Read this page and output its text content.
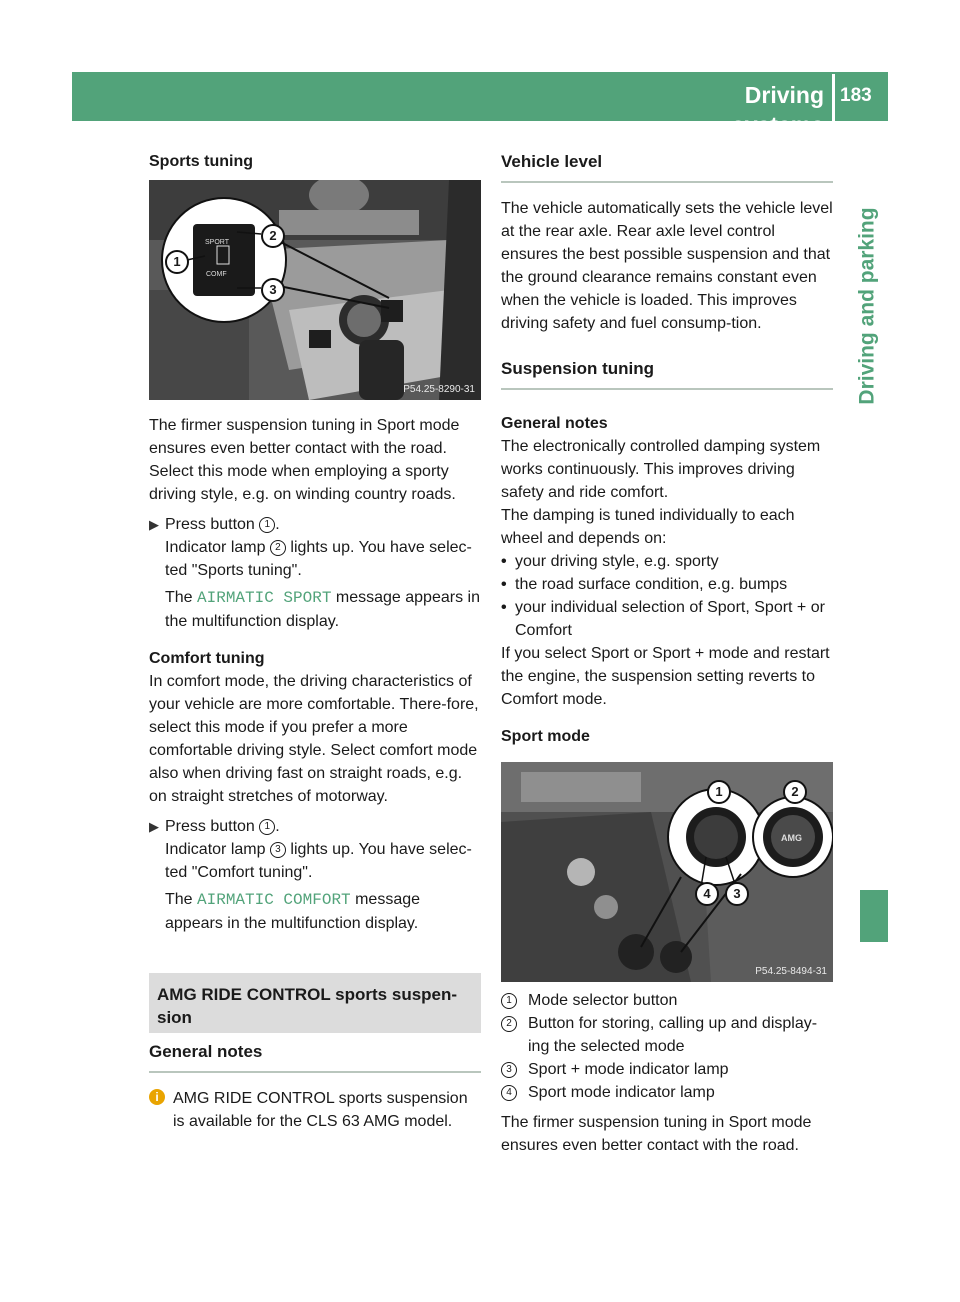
Driving systems
183
Driving and parking

Sports tuning

SPORT
COMF
1
2
3
P54.25-8290-31

The firmer suspension tuning in Sport mode ensures even better contact with the road. Select this mode when employing a sporty driving style, e.g. on winding country roads.

▶ Press button 1 .
Indicator lamp 2 lights up. You have selec-ted "Sports tuning".
The AIRMATIC SPORT message appears in the multifunction display.

Comfort tuning

In comfort mode, the driving characteristics of your vehicle are more comfortable. There-fore, select this mode if you prefer a more comfortable driving style. Select comfort mode also when driving fast on straight roads, e.g. on straight stretches of motorway.

▶ Press button 1 .
Indicator lamp 3 lights up. You have selec-ted "Comfort tuning".
The AIRMATIC COMFORT message appears in the multifunction display.
AMG RIDE CONTROL sports suspen-sion

General notes

i AMG RIDE CONTROL sports suspension is available for the CLS 63 AMG model.

Vehicle level

The vehicle automatically sets the vehicle level at the rear axle. Rear axle level control ensures the best possible suspension and that the ground clearance remains constant even when the vehicle is loaded. This improves driving safety and fuel consump-tion.

Suspension tuning

General notes

The electronically controlled damping system works continuously. This improves driving safety and ride comfort.

The damping is tuned individually to each wheel and depends on:

• your driving style, e.g. sporty
• the road surface condition, e.g. bumps
• your individual selection of Sport, Sport + or Comfort

If you select Sport or Sport + mode and restart the engine, the suspension setting reverts to Comfort mode.

Sport mode

AMG
1	2
4	3
P54.25-8494-31
1	Mode selector button
2	Button for storing, calling up and display-ing the selected mode
3	Sport + mode indicator lamp
4	Sport mode indicator lamp

The firmer suspension tuning in Sport mode ensures even better contact with the road.
